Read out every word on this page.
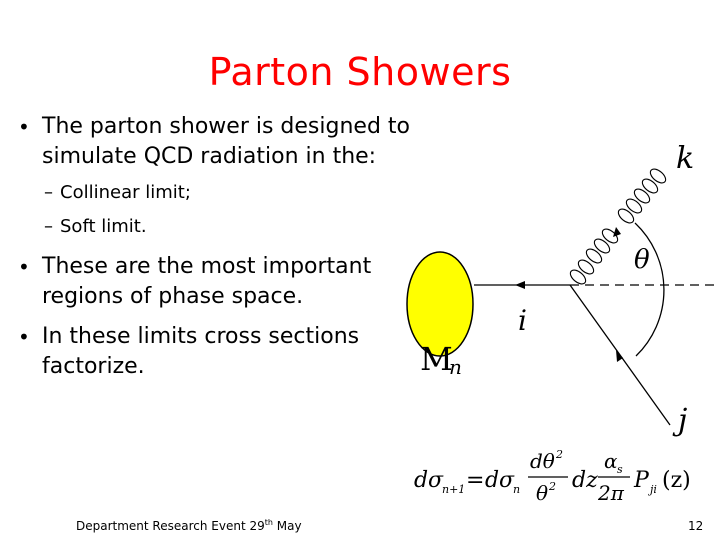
Parton Showers
• The parton shower is designed to simulate QCD radiation in the:
– Collinear limit;
– Soft limit.
• These are the most important regions of phase space.
• In these limits cross sections factorize.
k
θ
i
j
M
n
d σ
n+1 = d σ
n
dθ 2
θ 2 dz
α s
2π P ji (z)
Department Research Event 29th May	12
